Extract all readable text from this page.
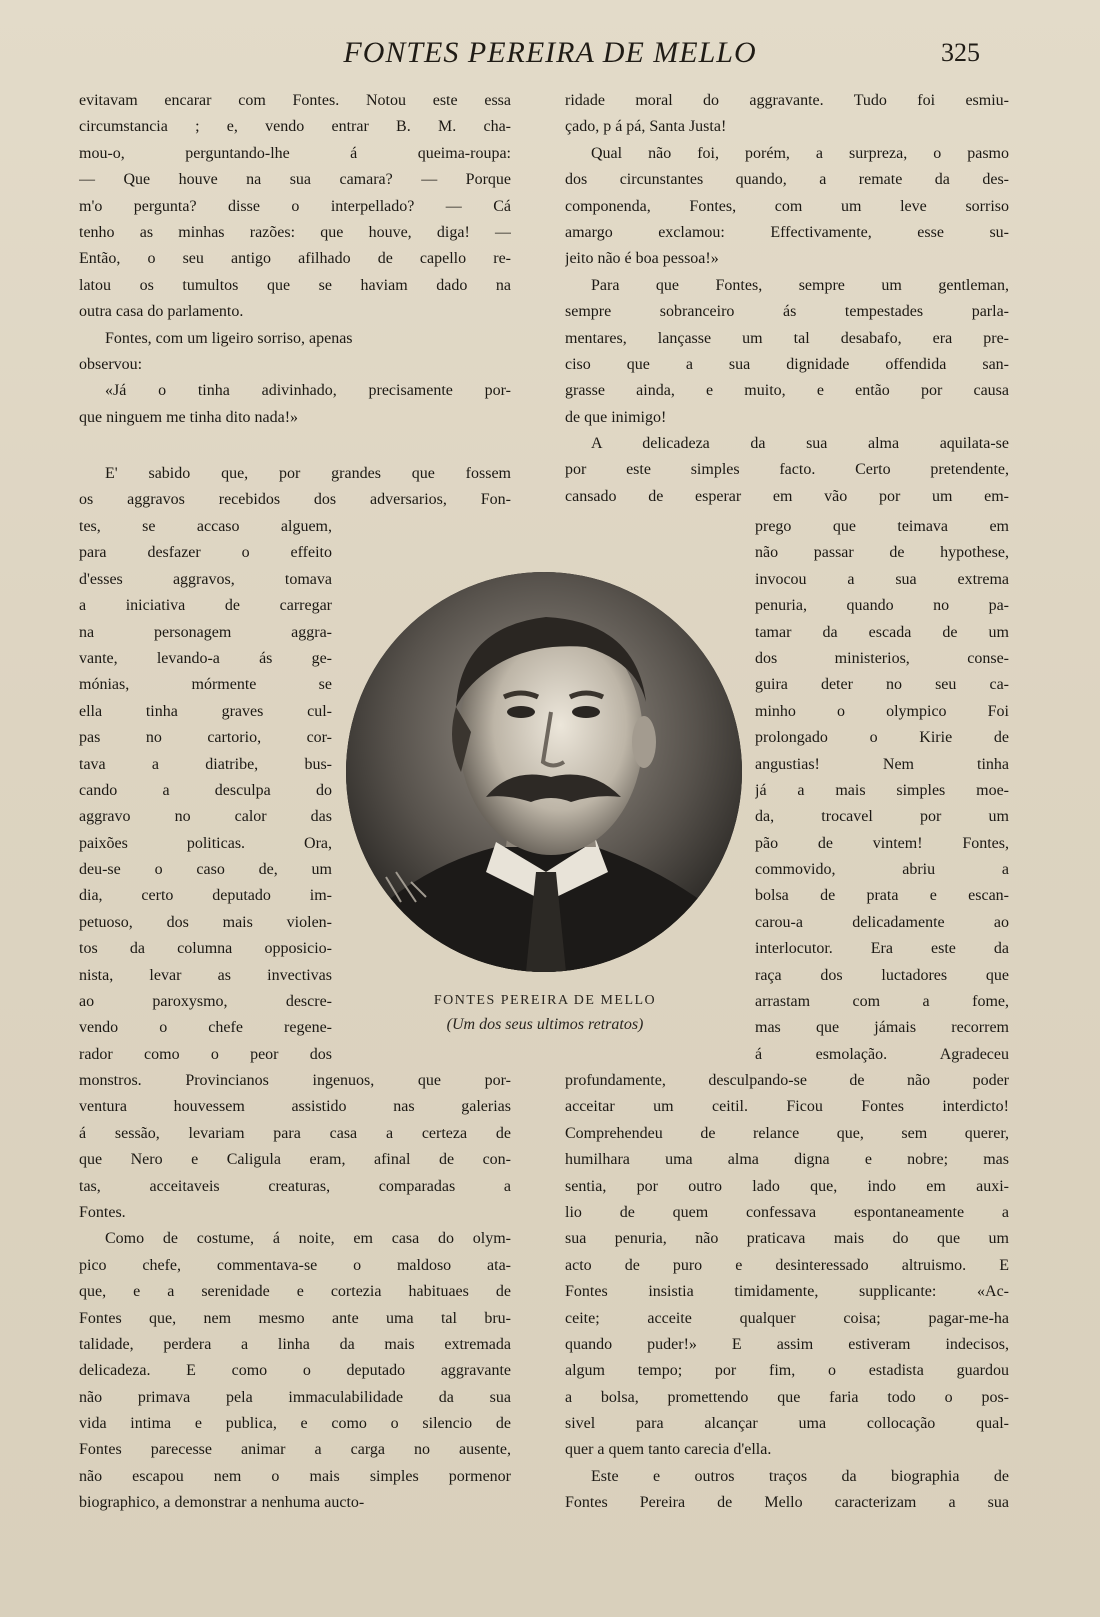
FONTES PEREIRA DE MELLO	325
evitavam encarar com Fontes. Notou este essa
circumstancia ; e, vendo entrar B. M. cha-
mou-o, perguntando-lhe á queima-roupa:
— Que houve na sua camara? — Porque
m'o pergunta? disse o interpellado? — Cá
tenho as minhas razões: que houve, diga! —
Então, o seu antigo afilhado de capello re-
latou os tumultos que se haviam dado na
outra casa do parlamento.
Fontes, com um ligeiro sorriso, apenas
observou:
«Já o tinha adivinhado, precisamente por-
que ninguem me tinha dito nada!»
E' sabido que, por grandes que fossem
os aggravos recebidos dos adversarios, Fon-
tes, se accaso alguem,
para desfazer o effeito
d'esses aggravos, tomava
a iniciativa de carregar
na personagem aggra-
vante, levando-a ás ge-
mónias, mórmente se
ella tinha graves cul-
pas no cartorio, cor-
tava a diatribe, bus-
cando a desculpa do
aggravo no calor das
paixões politicas. Ora,
deu-se o caso de, um
dia, certo deputado im-
petuoso, dos mais violen-
tos da columna opposicio-
nista, levar as invectivas
ao paroxysmo, descre-
vendo o chefe regene-
rador como o peor dos
monstros. Provincianos ingenuos, que por-
ventura houvessem assistido nas galerias
á sessão, levariam para casa a certeza de
que Nero e Caligula eram, afinal de con-
tas, acceitaveis creaturas, comparadas a
Fontes.
Como de costume, á noite, em casa do olym-
pico chefe, commentava-se o maldoso ata-
que, e a serenidade e cortezia habituaes de
Fontes que, nem mesmo ante uma tal bru-
talidade, perdera a linha da mais extremada
delicadeza. E como o deputado aggravante
não primava pela immaculabilidade da sua
vida intima e publica, e como o silencio de
Fontes parecesse animar a carga no ausente,
não escapou nem o mais simples pormenor
biographico, a demonstrar a nenhuma aucto-
ridade moral do aggravante. Tudo foi esmiu-
çado, p á pá, Santa Justa!
Qual não foi, porém, a surpreza, o pasmo
dos circunstantes quando, a remate da des-
componenda, Fontes, com um leve sorriso
amargo exclamou: Effectivamente, esse su-
jeito não é boa pessoa!»
Para que Fontes, sempre um gentleman,
sempre sobranceiro ás tempestades parla-
mentares, lançasse um tal desabafo, era pre-
ciso que a sua dignidade offendida san-
grasse ainda, e muito, e então por causa
de que inimigo!
A delicadeza da sua alma aquilata-se
por este simples facto. Certo pretendente,
cansado de esperar em vão por um em-
prego que teimava em
não passar de hypothese,
invocou a sua extrema
penuria, quando no pa-
tamar da escada de um
dos ministerios, conse-
guira deter no seu ca-
minho o olympico Foi
prolongado o Kirie de
angustias! Nem tinha
já a mais simples moe-
da, trocavel por um
pão de vintem! Fontes,
commovido, abriu a
bolsa de prata e escan-
carou-a delicadamente ao
interlocutor. Era este da
raça dos luctadores que
arrastam com a fome,
mas que jámais recorrem
á esmolação. Agradeceu
profundamente, desculpando-se de não poder
acceitar um ceitil. Ficou Fontes interdicto!
Comprehendeu de relance que, sem querer,
humilhara uma alma digna e nobre; mas
sentia, por outro lado que, indo em auxi-
lio de quem confessava espontaneamente a
sua penuria, não praticava mais do que um
acto de puro e desinteressado altruismo. E
Fontes insistia timidamente, supplicante: «Ac-
ceite; acceite qualquer coisa; pagar-me-ha
quando puder!» E assim estiveram indecisos,
algum tempo; por fim, o estadista guardou
a bolsa, promettendo que faria todo o pos-
sivel para alcançar uma collocação qual-
quer a quem tanto carecia d'ella.
Este e outros traços da biographia de
Fontes Pereira de Mello caracterizam a sua
FONTES PEREIRA DE MELLO
(Um dos seus ultimos retratos)
